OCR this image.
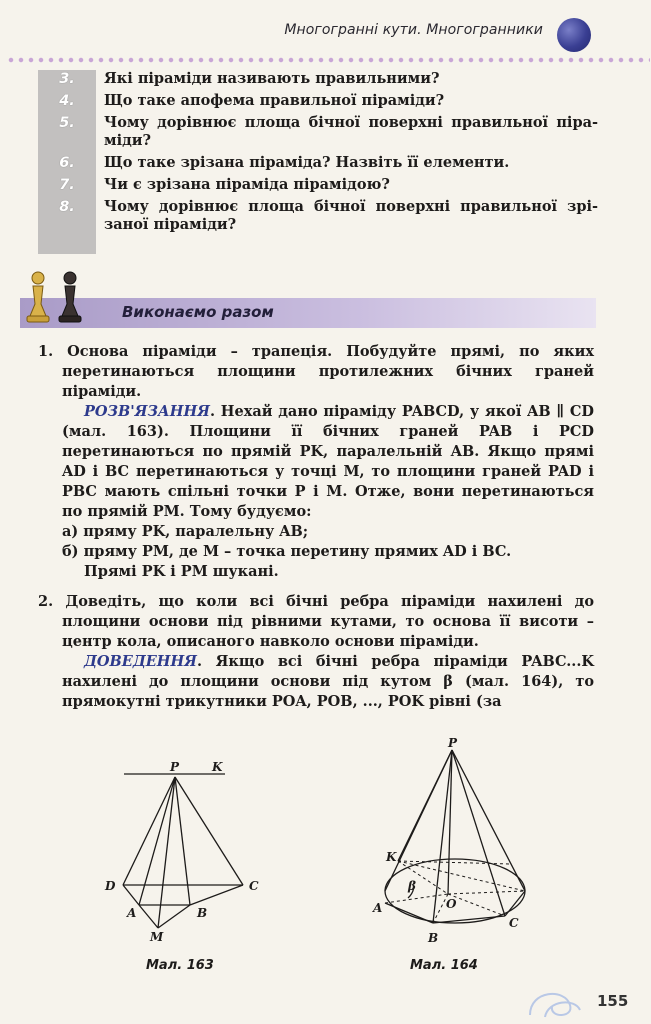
Многогранні кути. Многогранники
3.	Які піраміди називають правильними?
4.	Що таке апофема правильної піраміди?
5.	Чому дорівнює площа бічної поверхні правильної піра-міди?
6.	Що таке зрізана піраміда? Назвіть її елементи.
7.	Чи є зрізана піраміда пірамідою?
8.	Чому дорівнює площа бічної поверхні правильної зрі-заної піраміди?
Виконаємо разом

1. Основа піраміди – трапеція. Побудуйте прямі, по яких перетинаються площини протилежних бічних граней піраміди.

РОЗВ'ЯЗАННЯ. Нехай дано піраміду PABCD, у якої AB ∥ CD (мал. 163). Площини її бічних граней PAB і PCD перетинаються по прямій PK, паралельній AB. Якщо прямі AD і BC перетинаються у точці M, то площини граней PAD і PBC мають спільні точки P і M. Отже, вони перетинаються по прямій PM. Тому будуємо:

а) пряму PK, паралельну AB;

б) пряму PM, де M – точка перетину прямих AD і BC.

Прямі PK і PM шукані.

2. Доведіть, що коли всі бічні ребра піраміди нахилені до площини основи під рівними кутами, то основа її висоти – центр кола, описаного навколо основи піраміди.

ДОВЕДЕННЯ. Якщо всі бічні ребра піраміди PABC...K нахилені до площини основи під кутом β (мал. 164), то прямокутні трикутники POA, POB, ..., POK рівні (за

P	K
D	C
A	B
M
Мал. 163
P
K
A
B
C
O
β
Мал. 164
155
